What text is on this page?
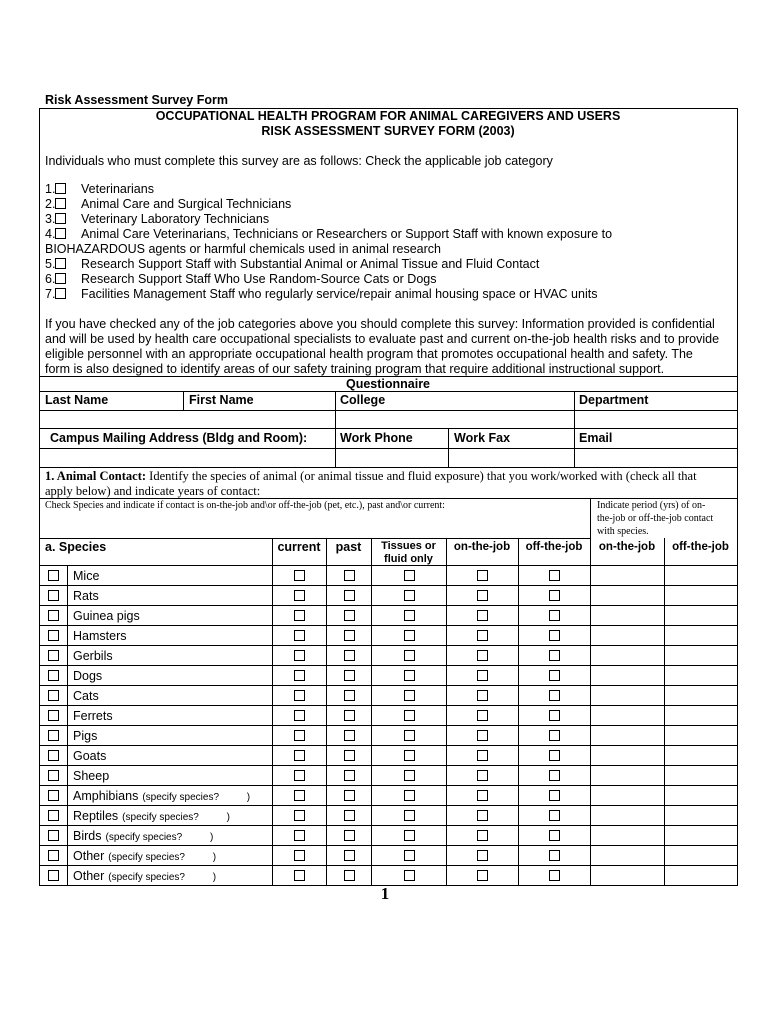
Risk Assessment Survey Form
OCCUPATIONAL HEALTH PROGRAM FOR ANIMAL CAREGIVERS AND USERS
RISK ASSESSMENT SURVEY FORM (2003)
Individuals who must complete this survey are as follows: Check the applicable job category
1. Veterinarians
2. Animal Care and Surgical Technicians
3. Veterinary Laboratory Technicians
4. Animal Care Veterinarians, Technicians or Researchers or Support Staff with known exposure to
BIOHAZARDOUS agents or harmful chemicals used in animal research
5. Research Support Staff with Substantial Animal or Animal Tissue and Fluid Contact
6. Research Support Staff Who Use Random-Source Cats or Dogs
7. Facilities Management Staff who regularly service/repair animal housing space or HVAC units
If you have checked any of the job categories above you should complete this survey: Information provided is confidential
and will be used by health care occupational specialists to evaluate past and current on-the-job health risks and to provide
eligible personnel with an appropriate occupational health program that promotes occupational health and safety. The
form is also designed to identify areas of our safety training program that require additional instructional support.
Questionnaire
Last Name	First Name	College	Department
Campus Mailing Address (Bldg and Room):	Work Phone	Work Fax	Email
1. Animal Contact: Identify the species of animal (or animal tissue and fluid exposure) that you work/worked with (check all that
apply below) and indicate years of contact:
Check Species and indicate if contact is on-the-job and\or off-the-job (pet, etc.), past and\or current:	Indicate period (yrs) of on-
the-job or off-the-job contact
with species.
a. Species	current	past	Tissues or
fluid only
on-the-job	off-the-job	on-the-job	off-the-job
	Mice							
	Rats							
	Guinea pigs							
	Hamsters							
	Gerbils							
	Dogs							
	Cats							
	Ferrets							
	Pigs							
	Goats							
	Sheep							
	Amphibians (specify species?          )							
	Reptiles (specify species?          )							
	Birds (specify species?          )							
	Other (specify species?          )							
	Other (specify species?          )							
1
